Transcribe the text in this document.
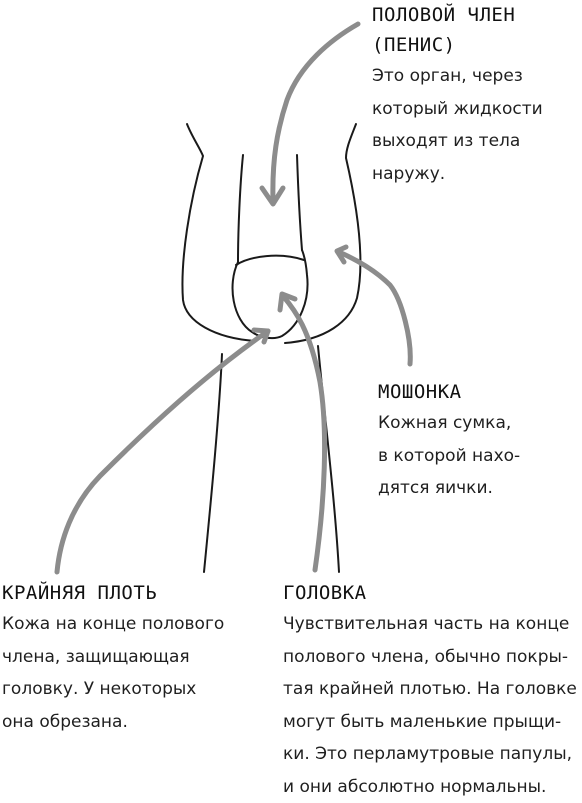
ПОЛОВОЙ ЧЛЕН
(ПЕНИС)
Это орган, через
который жидкости
выходят из тела
наружу.
МОШОНКА
Кожная сумка,
в которой нахо-
дятся яички.
КРАЙНЯЯ ПЛОТЬ
Кожа на конце полового
члена, защищающая
головку. У некоторых
она обрезана.
ГОЛОВКА
Чувствительная часть на конце
полового члена, обычно покры-
тая крайней плотью. На головке
могут быть маленькие прыщи-
ки. Это перламутровые папулы,
и они абсолютно нормальны.
